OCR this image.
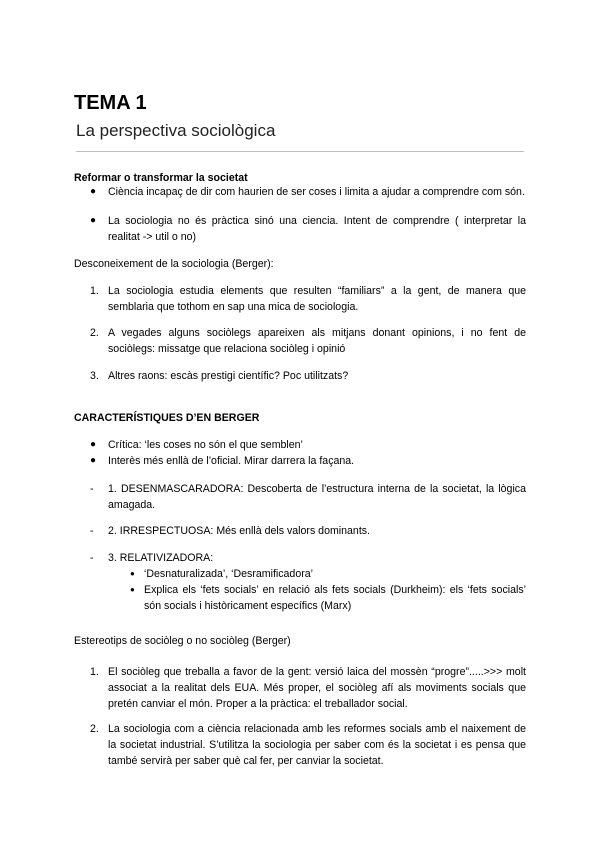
TEMA 1
La perspectiva sociològica
Reformar o transformar la societat
● Ciència incapaç de dir com haurien de ser coses i limita a ajudar a comprendre com són.
● La sociologia no és pràctica sinó una ciencia. Intent de comprendre ( interpretar la realitat -> util o no)
Desconeixement de la sociologia (Berger):
1. La sociologia estudia elements que resulten “familiars” a la gent, de manera que semblaria que tothom en sap una mica de sociologia.
2. A vegades alguns sociòlegs apareixen als mitjans donant opinions, i no fent de sociòlegs: missatge que relaciona sociòleg i opinió
3. Altres raons: escàs prestigi científic? Poc utilitzats?
CARACTERÍSTIQUES D’EN BERGER
● Crítica: ‘les coses no són el que semblen’
● Interès més enllà de l’oficial. Mirar darrera la façana.
- 1. DESENMASCARADORA: Descoberta de l’estructura interna de la societat, la lògica amagada.
- 2. IRRESPECTUOSA: Més enllà dels valors dominants.
- 3. RELATIVIZADORA:
● ‘Desnaturalizada’, ‘Desramificadora’
● Explica els ‘fets socials’ en relació als fets socials (Durkheim): els ‘fets socials’ són socials i històricament específics (Marx)
Estereotips de sociòleg o no sociòleg (Berger)
1. El sociòleg que treballa a favor de la gent: versió laica del mossèn “progre”.....>>> molt associat a la realitat dels EUA. Més proper, el sociòleg afí als moviments socials que pretén canviar el món. Proper a la pràctica: el treballador social.
2. La sociologia com a ciència relacionada amb les reformes socials amb el naixement de la societat industrial. S’utilitza la sociologia per saber com és la societat i es pensa que també servirà per saber què cal fer, per canviar la societat.
